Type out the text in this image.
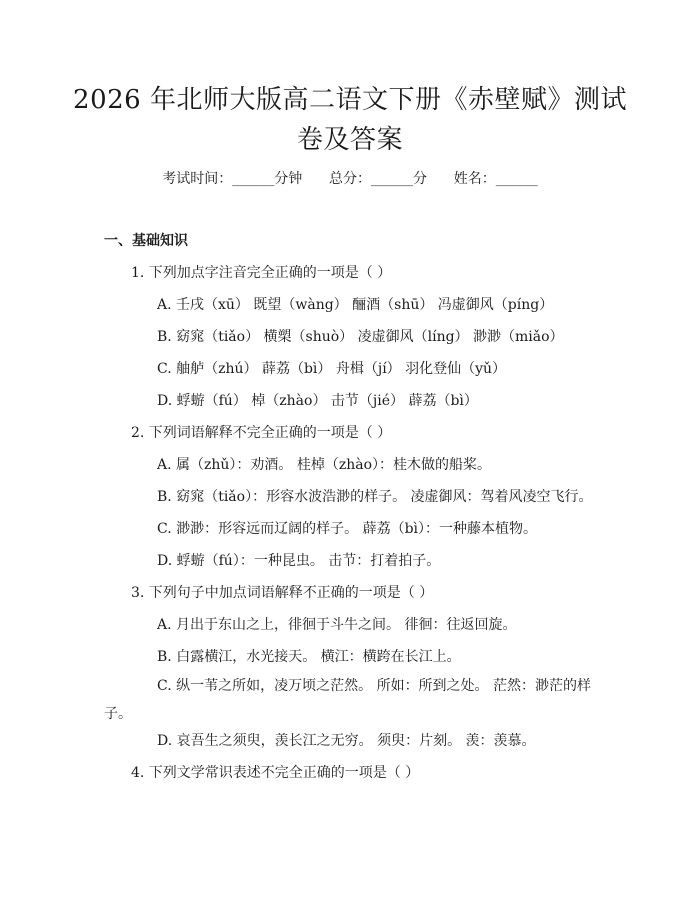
2026 年北师大版高二语文下册《赤壁赋》测试卷及答案
考试时间：______分钟      总分：______分      姓名：______
一、基础知识
1. 下列加点字注音完全正确的一项是（ ）
A. 壬戌（xū） 既望（wàng） 酾酒（shū） 冯虚御风（píng）
B. 窈窕（tiǎo） 横槊（shuò） 凌虚御风（líng） 渺渺（miǎo）
C. 舳舻（zhú） 薜荔（bì） 舟楫（jí） 羽化登仙（yǔ）
D. 蜉蝣（fú） 棹（zhào） 击节（jié） 薜荔（bì）
2. 下列词语解释不完全正确的一项是（ ）
A. 属（zhǔ）：劝酒。 桂棹（zhào）：桂木做的船桨。
B. 窈窕（tiǎo）：形容水波浩渺的样子。 凌虚御风：驾着风凌空飞行。
C. 渺渺：形容远而辽阔的样子。 薜荔（bì）：一种藤本植物。
D. 蜉蝣（fú）：一种昆虫。 击节：打着拍子。
3. 下列句子中加点词语解释不正确的一项是（ ）
A. 月出于东山之上，徘徊于斗牛之间。 徘徊：往返回旋。
B. 白露横江，水光接天。 横江：横跨在长江上。
C. 纵一苇之所如，凌万顷之茫然。 所如：所到之处。 茫然：渺茫的样子。
D. 哀吾生之须臾，羡长江之无穷。 须臾：片刻。 羡：羡慕。
4. 下列文学常识表述不完全正确的一项是（ ）
